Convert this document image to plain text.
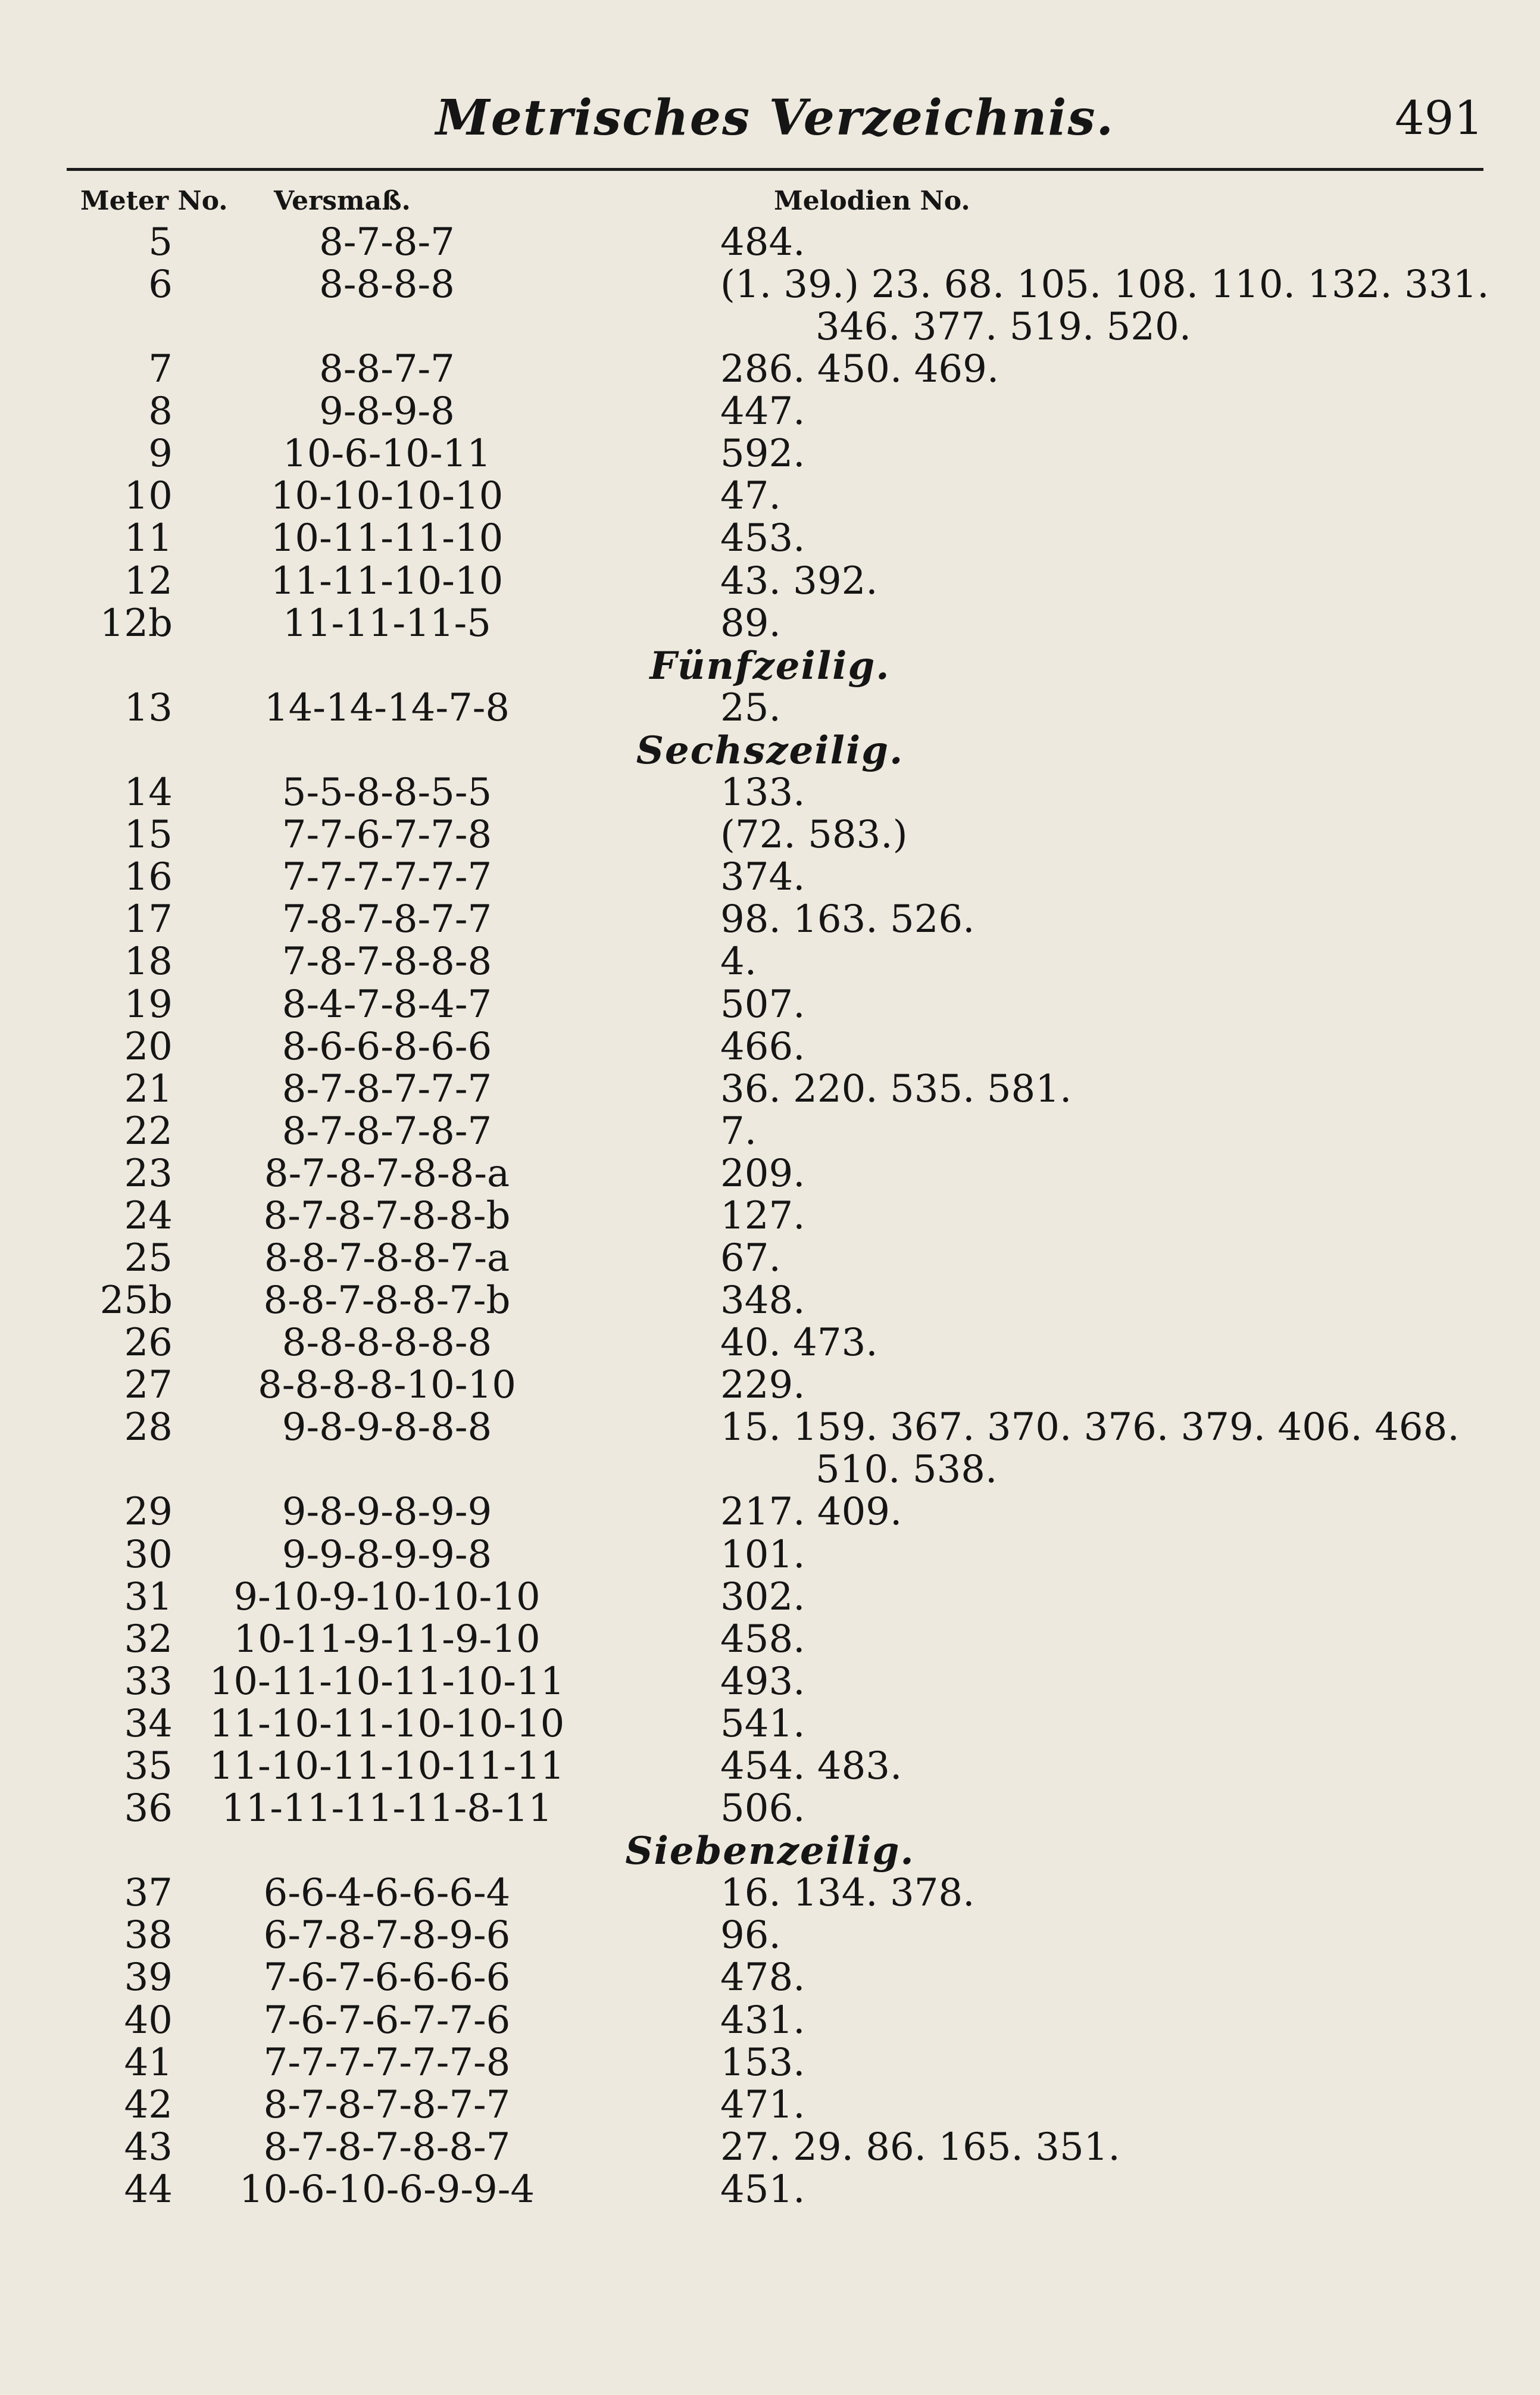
Metrisches Verzeichnis.	491
Meter No. Versmaß.	Melodien No.
5	8-7-8-7	484.
6	8-8-8-8	(1. 39.) 23. 68. 105. 108. 110. 132. 331.
346. 377. 519. 520.
7	8-8-7-7	286. 450. 469.
8	9-8-9-8	447.
9	10-6-10-11	592.
10	10-10-10-10	47.
11	10-11-11-10	453.
12	11-11-10-10	43. 392.
12b	11-11-11-5	89.
Fünfzeilig.
13	14-14-14-7-8	25.
Sechszeilig.
14	5-5-8-8-5-5	133.
15	7-7-6-7-7-8	(72. 583.)
16	7-7-7-7-7-7	374.
17	7-8-7-8-7-7	98. 163. 526.
18	7-8-7-8-8-8	4.
19	8-4-7-8-4-7	507.
20	8-6-6-8-6-6	466.
21	8-7-8-7-7-7	36. 220. 535. 581.
22	8-7-8-7-8-7	7.
23	8-7-8-7-8-8-a	209.
24	8-7-8-7-8-8-b	127.
25	8-8-7-8-8-7-a	67.
25b	8-8-7-8-8-7-b	348.
26	8-8-8-8-8-8	40. 473.
27	8-8-8-8-10-10	229.
28	9-8-9-8-8-8	15. 159. 367. 370. 376. 379. 406. 468.
510. 538.
29	9-8-9-8-9-9	217. 409.
30	9-9-8-9-9-8	101.
31	9-10-9-10-10-10	302.
32	10-11-9-11-9-10	458.
33 10-11-10-11-10-11	493.
34 11-10-11-10-10-10	541.
35 11-10-11-10-11-11	454. 483.
36	11-11-11-11-8-11	506.
Siebenzeilig.
37	6-6-4-6-6-6-4	16. 134. 378.
38	6-7-8-7-8-9-6	96.
39	7-6-7-6-6-6-6	478.
40	7-6-7-6-7-7-6	431.
41	7-7-7-7-7-7-8	153.
42	8-7-8-7-8-7-7	471.
43	8-7-8-7-8-8-7	27. 29. 86. 165. 351.
44	10-6-10-6-9-9-4	451.
